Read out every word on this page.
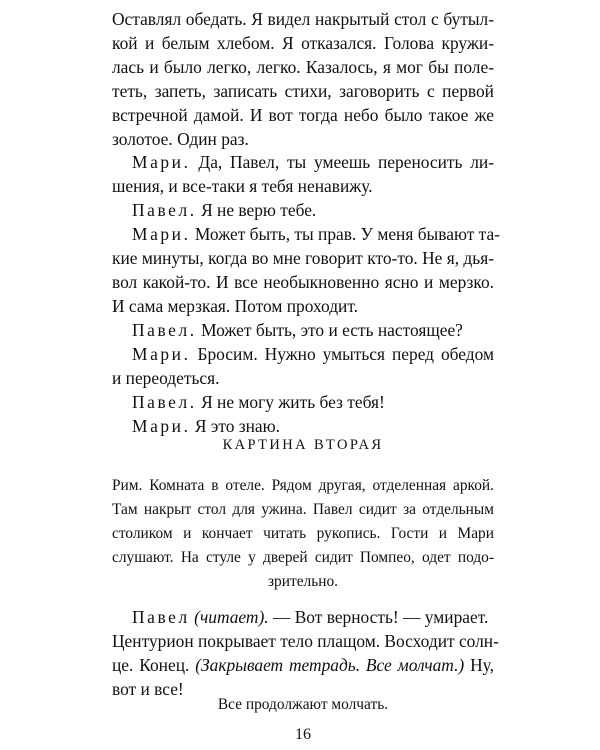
Оставлял обедать. Я видел накрытый стол с бутыл-
кой и белым хлебом. Я отказался. Голова кружи-
лась и было легко, легко. Казалось, я мог бы поле-
теть, запеть, записать стихи, заговорить с первой
встречной дамой. И вот тогда небо было такое же
золотое. Один раз.
Мари. Да, Павел, ты умеешь переносить ли-
шения, и все-таки я тебя ненавижу.
Павел. Я не верю тебе.
Мари. Может быть, ты прав. У меня бывают та-
кие минуты, когда во мне говорит кто-то. Не я, дья-
вол какой-то. И все необыкновенно ясно и мерзко.
И сама мерзкая. Потом проходит.
Павел. Может быть, это и есть настоящее?
Мари. Бросим. Нужно умыться перед обедом
и переодеться.
Павел. Я не могу жить без тебя!
Мари. Я это знаю.
КАРТИНА ВТОРАЯ
Рим. Комната в отеле. Рядом другая, отделенная аркой.
Там накрыт стол для ужина. Павел сидит за отдельным
столиком и кончает читать рукопись. Гости и Мари
слушают. На стуле у дверей сидит Помпео, одет подо-
зрительно.
Павел (читает). — Вот верность! — умирает.
Центурион покрывает тело плащом. Восходит солн-
це. Конец. (Закрывает тетрадь. Все молчат.) Ну,
вот и все!
Все продолжают молчать.
16
